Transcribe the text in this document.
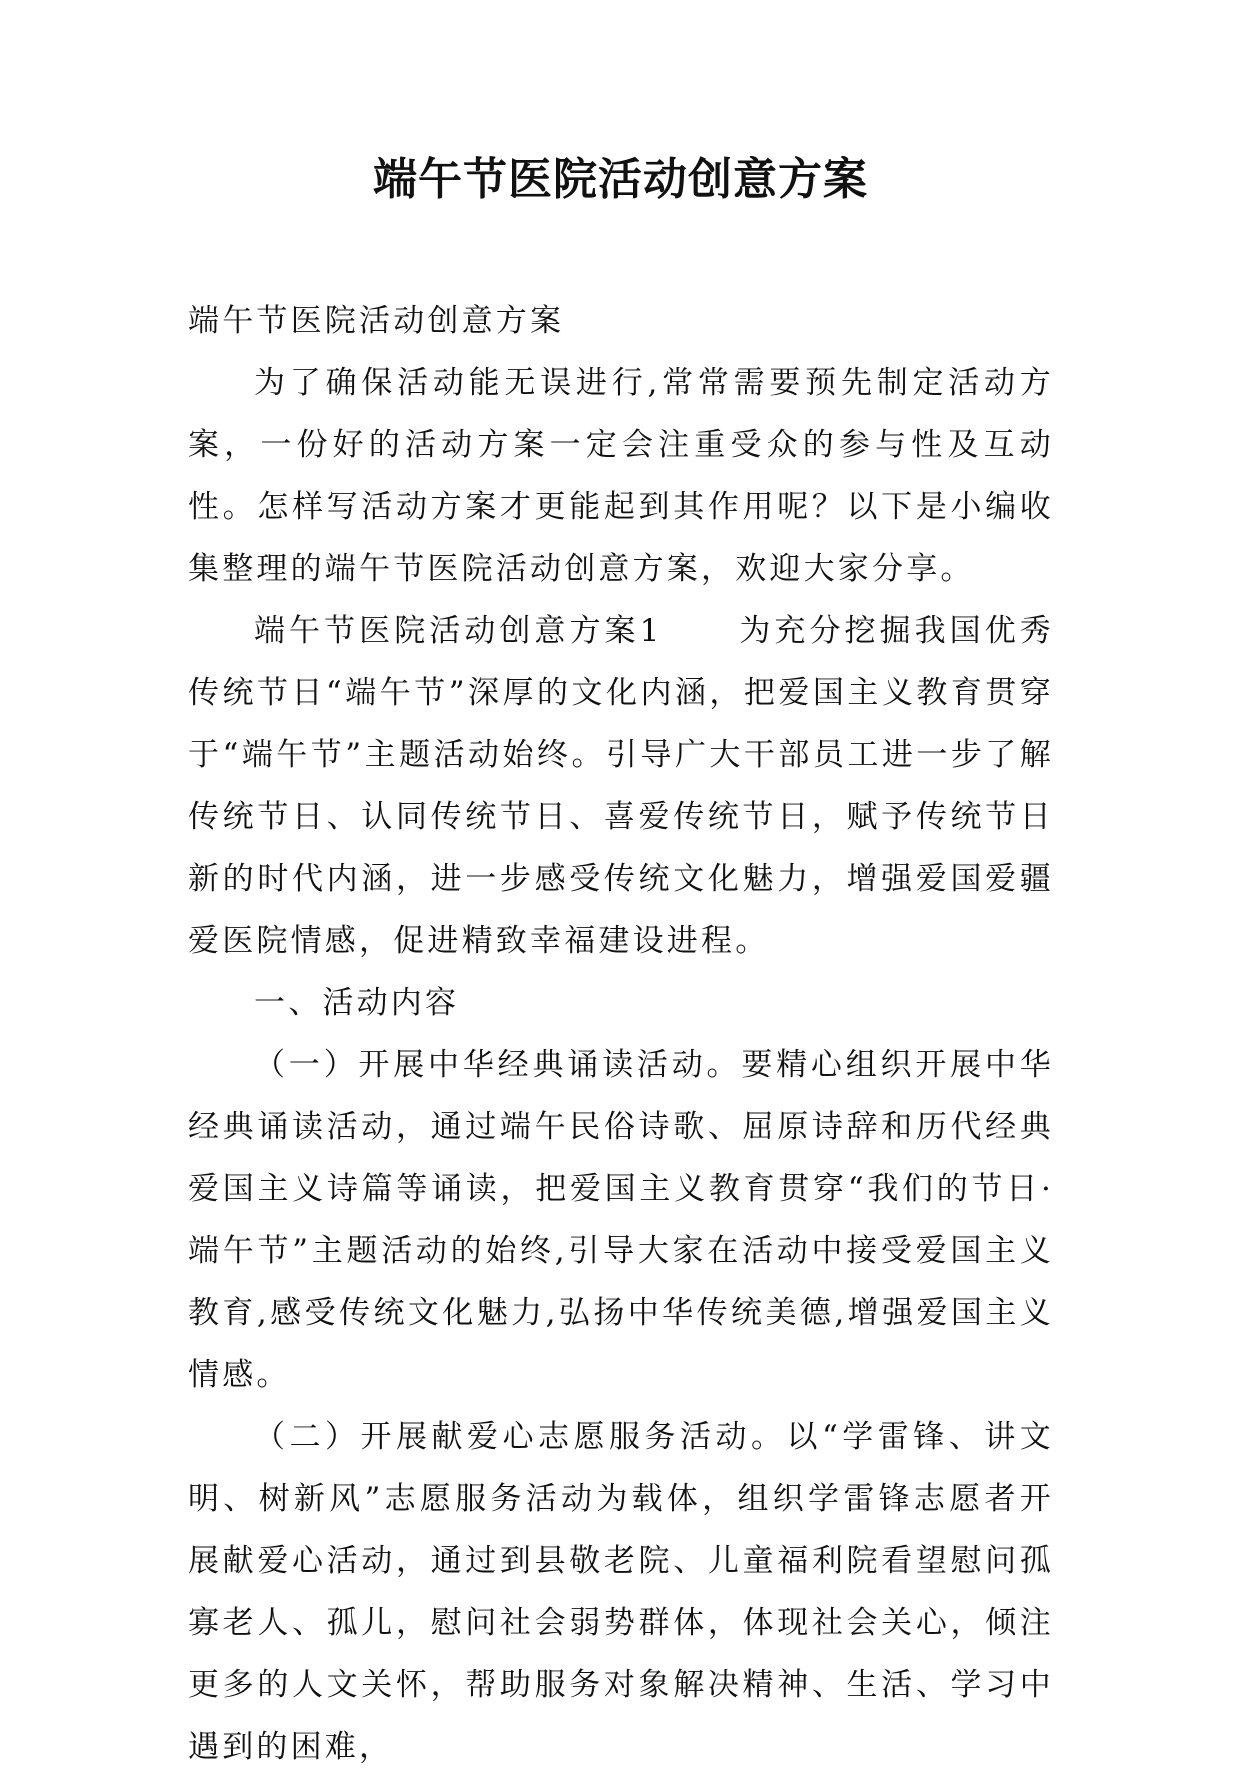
端午节医院活动创意方案

端午节医院活动创意方案

为了确保活动能无误进行,常常需要预先制定活动方案，一份好的活动方案一定会注重受众的参与性及互动性。怎样写活动方案才更能起到其作用呢？以下是小编收集整理的端午节医院活动创意方案，欢迎大家分享。

端午节医院活动创意方案1 为充分挖掘我国优秀传统节日“端午节”深厚的文化内涵，把爱国主义教育贯穿于“端午节”主题活动始终。引导广大干部员工进一步了解传统节日、认同传统节日、喜爱传统节日，赋予传统节日新的时代内涵，进一步感受传统文化魅力，增强爱国爱疆爱医院情感，促进精致幸福建设进程。

一、活动内容

（一）开展中华经典诵读活动。要精心组织开展中华经典诵读活动，通过端午民俗诗歌、屈原诗辞和历代经典爱国主义诗篇等诵读，把爱国主义教育贯穿“我们的节日·端午节”主题活动的始终,引导大家在活动中接受爱国主义教育,感受传统文化魅力,弘扬中华传统美德,增强爱国主义情感。

（二）开展献爱心志愿服务活动。以“学雷锋、讲文明、树新风”志愿服务活动为载体，组织学雷锋志愿者开展献爱心活动，通过到县敬老院、儿童福利院看望慰问孤寡老人、孤儿，慰问社会弱势群体，体现社会关心，倾注更多的人文关怀，帮助服务对象解决精神、生活、学习中遇到的困难，
